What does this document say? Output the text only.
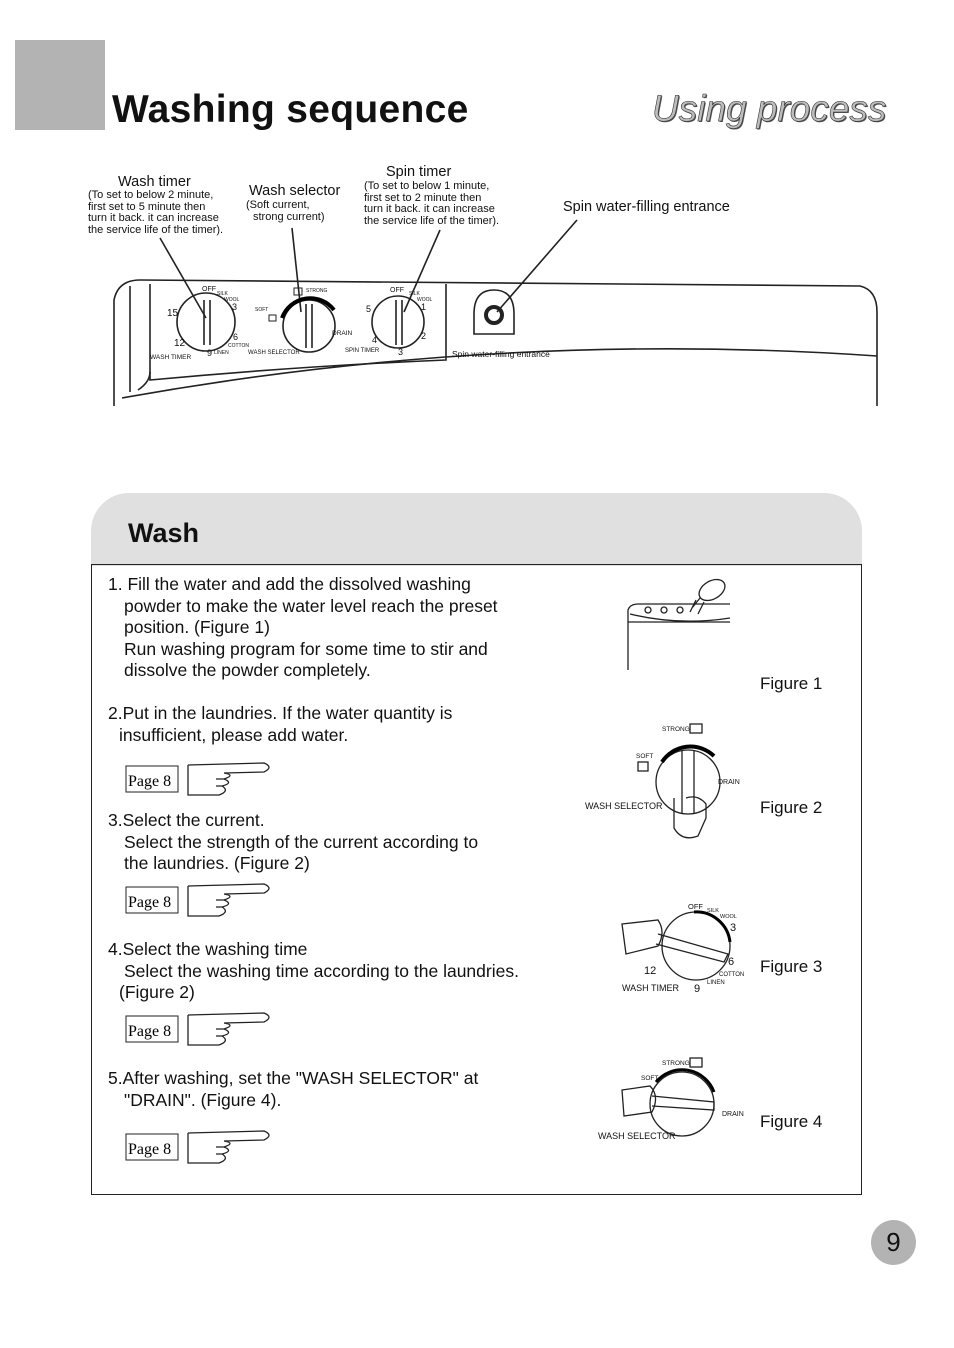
Washing sequence	Using process
Wash timer
(To set to below 2 minute,
first set to 5 minute then
turn it back. it can increase
the service life of the timer).
Wash selector
(Soft current,
strong current)
Spin timer
(To set to below 1 minute,
first set to 2 minute then
turn it back. it can increase
the service life of the timer).
Spin water-filling entrance
OFF
SILK
WOOL
15
3
6
COTTON
12
9 LINEN
WASH TIMER
STRONG
SOFT
DRAIN
WASH SELECTOR
OFF SILK
WOOL
5	1
2
4
3
SPIN TIMER	Spin water-filling entrance
Wash
1. Fill the water and add the dissolved washing
powder to make the water level reach the preset
position. (Figure 1)
Run washing program for some time to stir and
dissolve the powder completely.
2.Put in the laundries. If the water quantity is
insufficient, please add water.
3.Select the current.
Select the strength of the current according to
the laundries. (Figure 2)
4.Select the washing time
Select the washing time according to the laundries.
(Figure 2)
5.After washing, set the "WASH SELECTOR" at
"DRAIN". (Figure 4).
Page 8
Page 8
Page 8
Page 8
Figure 1
STRONG
SOFT
DRAIN
WASH SELECTOR	Figure 2
OFF SILK
WOOL
3
6
COTTON
LINEN
9
12
WASH TIMER
Figure 3
STRONG
SOFT
DRAIN
WASH SELECTOR
Figure 4
9
